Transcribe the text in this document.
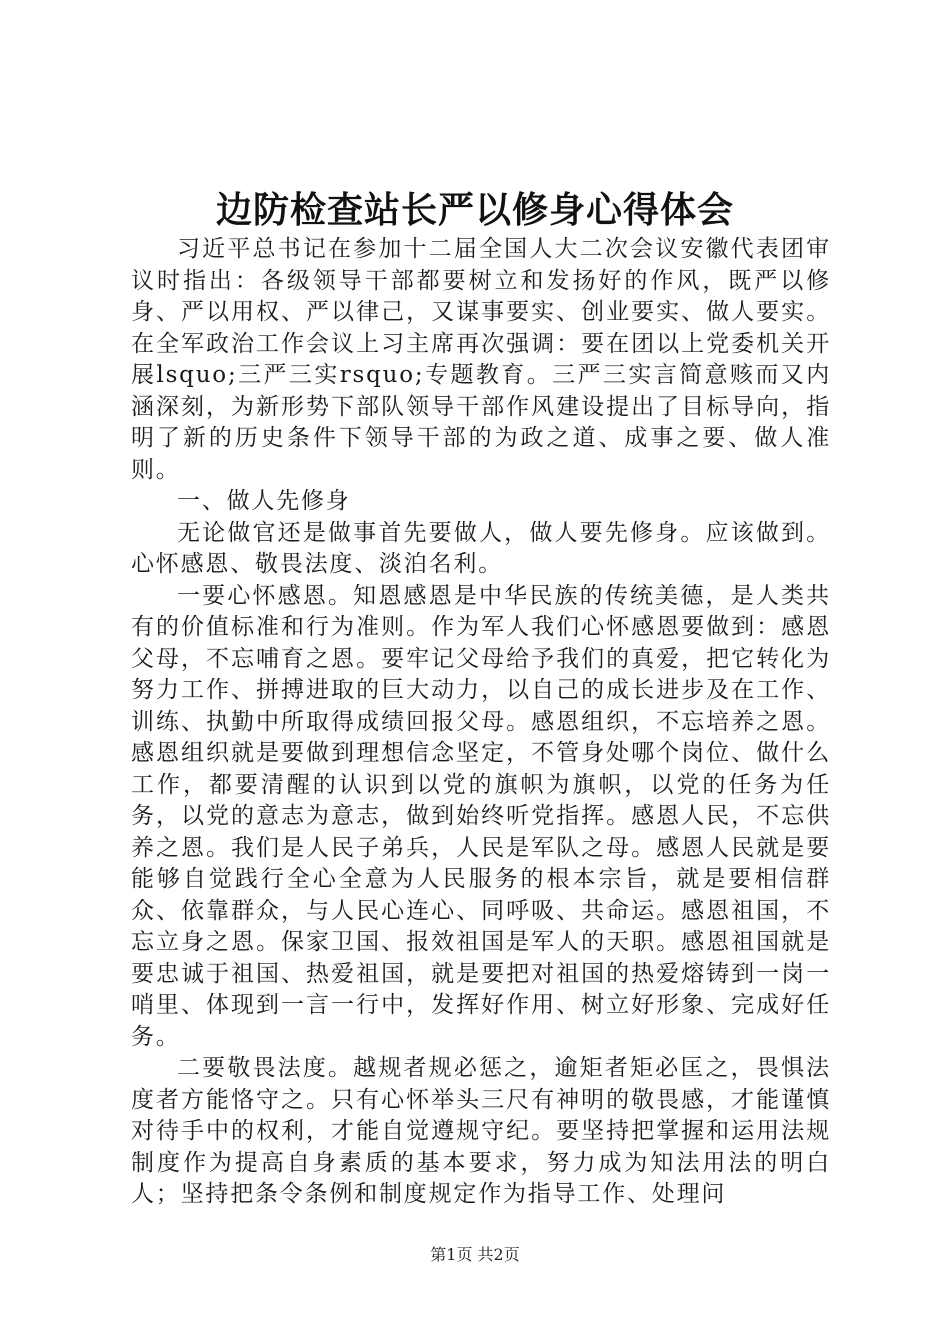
边防检查站长严以修身心得体会

习近平总书记在参加十二届全国人大二次会议安徽代表团审议时指出：各级领导干部都要树立和发扬好的作风，既严以修身、严以用权、严以律己，又谋事要实、创业要实、做人要实。在全军政治工作会议上习主席再次强调：要在团以上党委机关开展lsquo;三严三实rsquo;专题教育。三严三实言简意赅而又内涵深刻，为新形势下部队领导干部作风建设提出了目标导向，指明了新的历史条件下领导干部的为政之道、成事之要、做人准则。

一、做人先修身

无论做官还是做事首先要做人，做人要先修身。应该做到。心怀感恩、敬畏法度、淡泊名利。

一要心怀感恩。知恩感恩是中华民族的传统美德，是人类共有的价值标准和行为准则。作为军人我们心怀感恩要做到：感恩父母，不忘哺育之恩。要牢记父母给予我们的真爱，把它转化为努力工作、拼搏进取的巨大动力，以自己的成长进步及在工作、训练、执勤中所取得成绩回报父母。感恩组织，不忘培养之恩。感恩组织就是要做到理想信念坚定，不管身处哪个岗位、做什么工作，都要清醒的认识到以党的旗帜为旗帜，以党的任务为任务，以党的意志为意志，做到始终听党指挥。感恩人民，不忘供养之恩。我们是人民子弟兵，人民是军队之母。感恩人民就是要能够自觉践行全心全意为人民服务的根本宗旨，就是要相信群众、依靠群众，与人民心连心、同呼吸、共命运。感恩祖国，不忘立身之恩。保家卫国、报效祖国是军人的天职。感恩祖国就是要忠诚于祖国、热爱祖国，就是要把对祖国的热爱熔铸到一岗一哨里、体现到一言一行中，发挥好作用、树立好形象、完成好任务。

二要敬畏法度。越规者规必惩之，逾矩者矩必匡之，畏惧法度者方能恪守之。只有心怀举头三尺有神明的敬畏感，才能谨慎对待手中的权利，才能自觉遵规守纪。要坚持把掌握和运用法规制度作为提高自身素质的基本要求，努力成为知法用法的明白人；坚持把条令条例和制度规定作为指导工作、处理问

第1页 共2页
